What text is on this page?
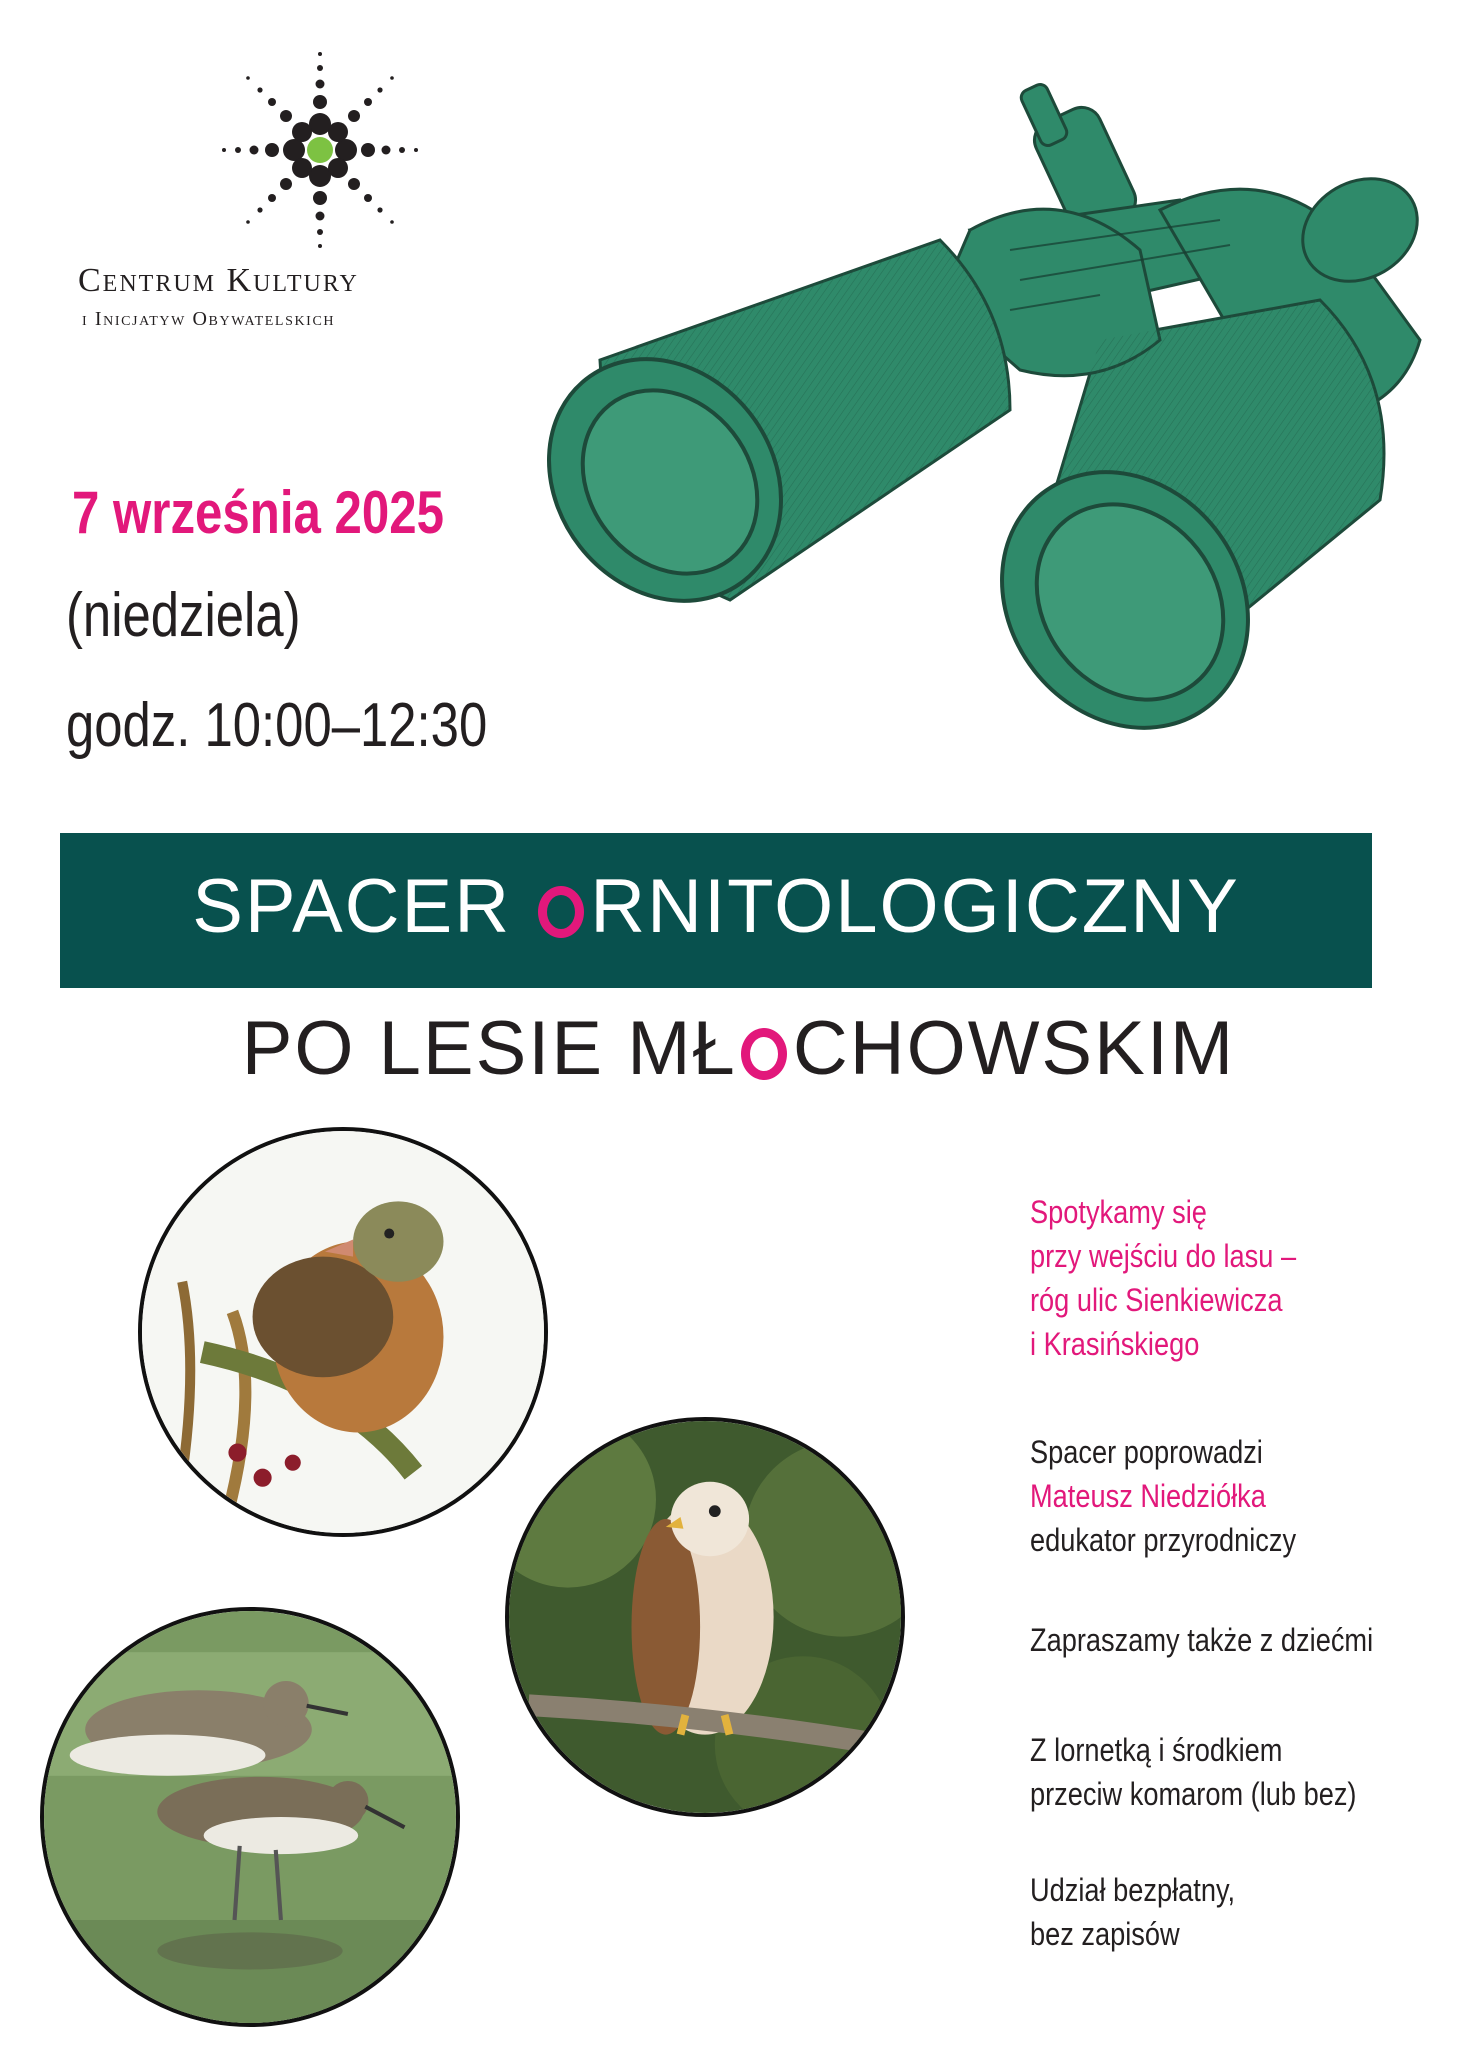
Centrum Kultury
i Inicjatyw Obywatelskich
7 września 2025
(niedziela)
godz. 10:00–12:30
SPACER RNITOLOGICZNY
PO LESIE MŁ CHOWSKIM
Spotykamy się
przy wejściu do lasu –
róg ulic Sienkiewicza
i Krasińskiego
Spacer poprowadzi
Mateusz Niedziółka
edukator przyrodniczy
Zapraszamy także z dziećmi
Z lornetką i środkiem
przeciw komarom (lub bez)
Udział bezpłatny,
bez zapisów
